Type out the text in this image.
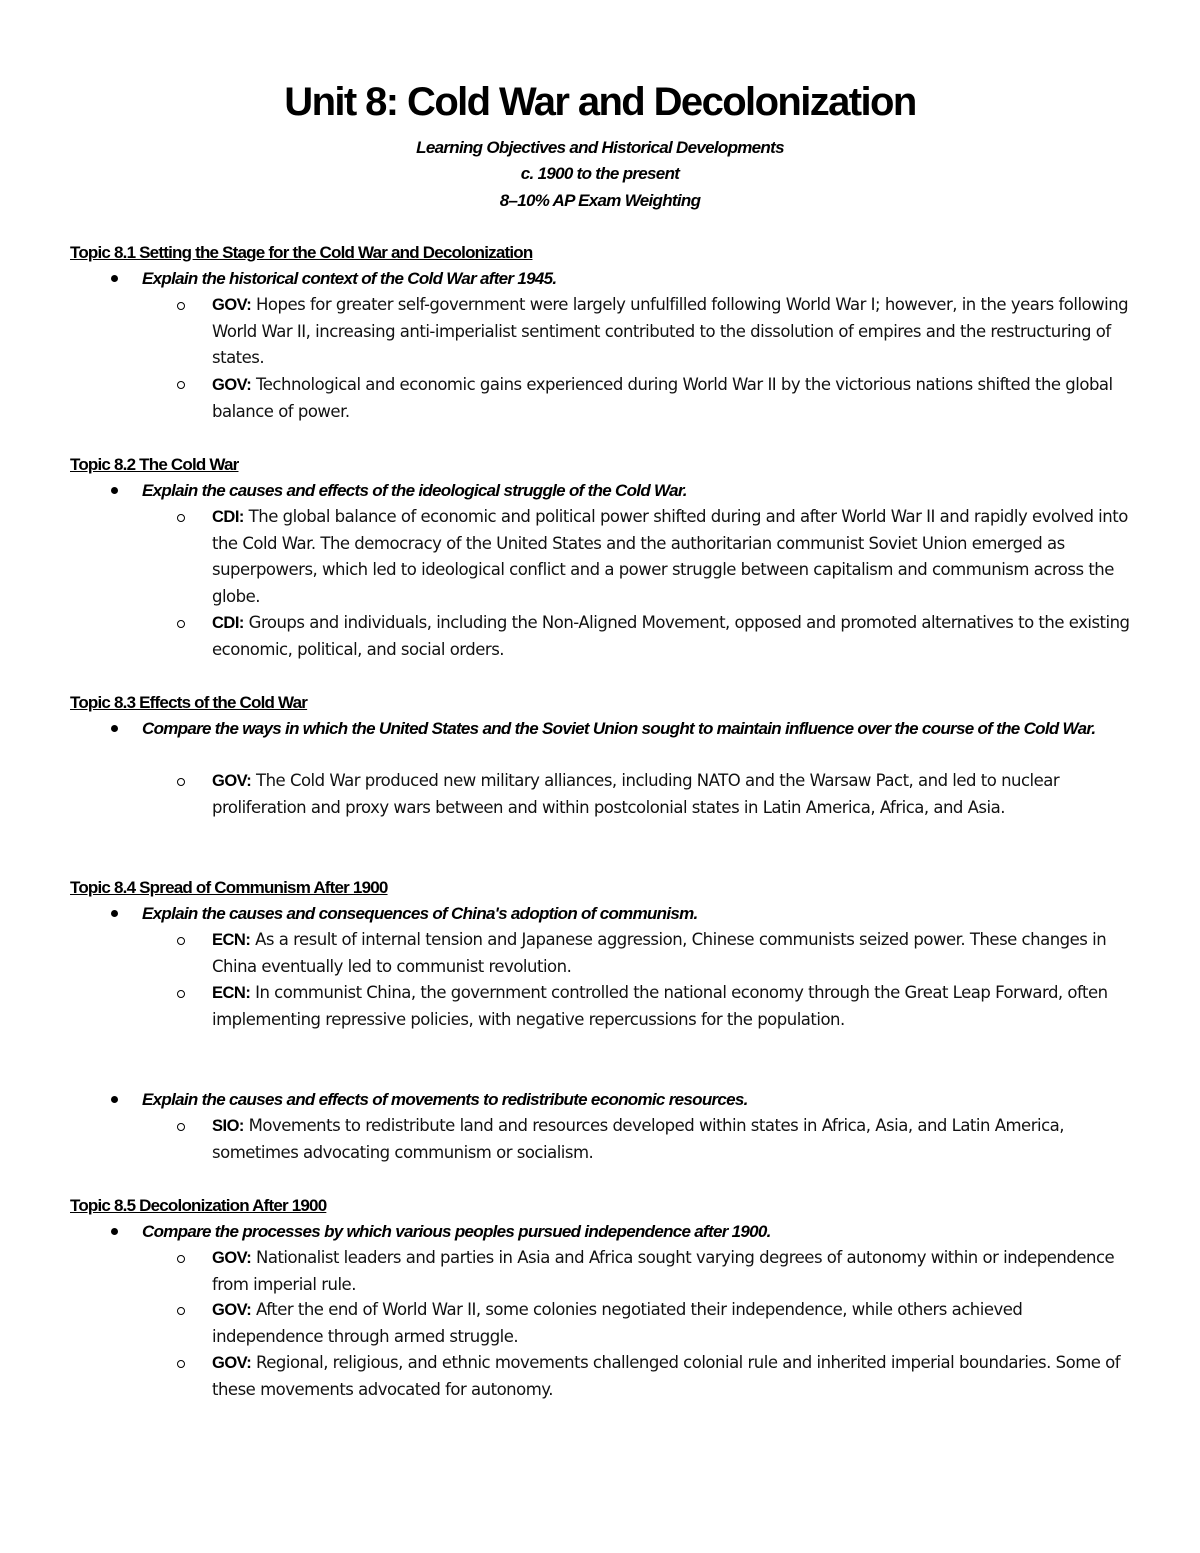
Unit 8: Cold War and Decolonization
Learning Objectives and Historical Developments
c. 1900 to the present
8–10% AP Exam Weighting
Topic 8.1 Setting the Stage for the Cold War and Decolonization
Explain the historical context of the Cold War after 1945.
GOV: Hopes for greater self-government were largely unfulfilled following World War I; however, in the years following World War II, increasing anti-imperialist sentiment contributed to the dissolution of empires and the restructuring of states.
GOV: Technological and economic gains experienced during World War II by the victorious nations shifted the global balance of power.
Topic 8.2 The Cold War
Explain the causes and effects of the ideological struggle of the Cold War.
CDI: The global balance of economic and political power shifted during and after World War II and rapidly evolved into the Cold War. The democracy of the United States and the authoritarian communist Soviet Union emerged as superpowers, which led to ideological conflict and a power struggle between capitalism and communism across the globe.
CDI: Groups and individuals, including the Non-Aligned Movement, opposed and promoted alternatives to the existing economic, political, and social orders.
Topic 8.3 Effects of the Cold War
Compare the ways in which the United States and the Soviet Union sought to maintain influence over the course of the Cold War.
GOV: The Cold War produced new military alliances, including NATO and the Warsaw Pact, and led to nuclear proliferation and proxy wars between and within postcolonial states in Latin America, Africa, and Asia.
Topic 8.4 Spread of Communism After 1900
Explain the causes and consequences of China's adoption of communism.
ECN: As a result of internal tension and Japanese aggression, Chinese communists seized power. These changes in China eventually led to communist revolution.
ECN: In communist China, the government controlled the national economy through the Great Leap Forward, often implementing repressive policies, with negative repercussions for the population.
Explain the causes and effects of movements to redistribute economic resources.
SIO: Movements to redistribute land and resources developed within states in Africa, Asia, and Latin America, sometimes advocating communism or socialism.
Topic 8.5 Decolonization After 1900
Compare the processes by which various peoples pursued independence after 1900.
GOV: Nationalist leaders and parties in Asia and Africa sought varying degrees of autonomy within or independence from imperial rule.
GOV: After the end of World War II, some colonies negotiated their independence, while others achieved independence through armed struggle.
GOV: Regional, religious, and ethnic movements challenged colonial rule and inherited imperial boundaries. Some of these movements advocated for autonomy.
